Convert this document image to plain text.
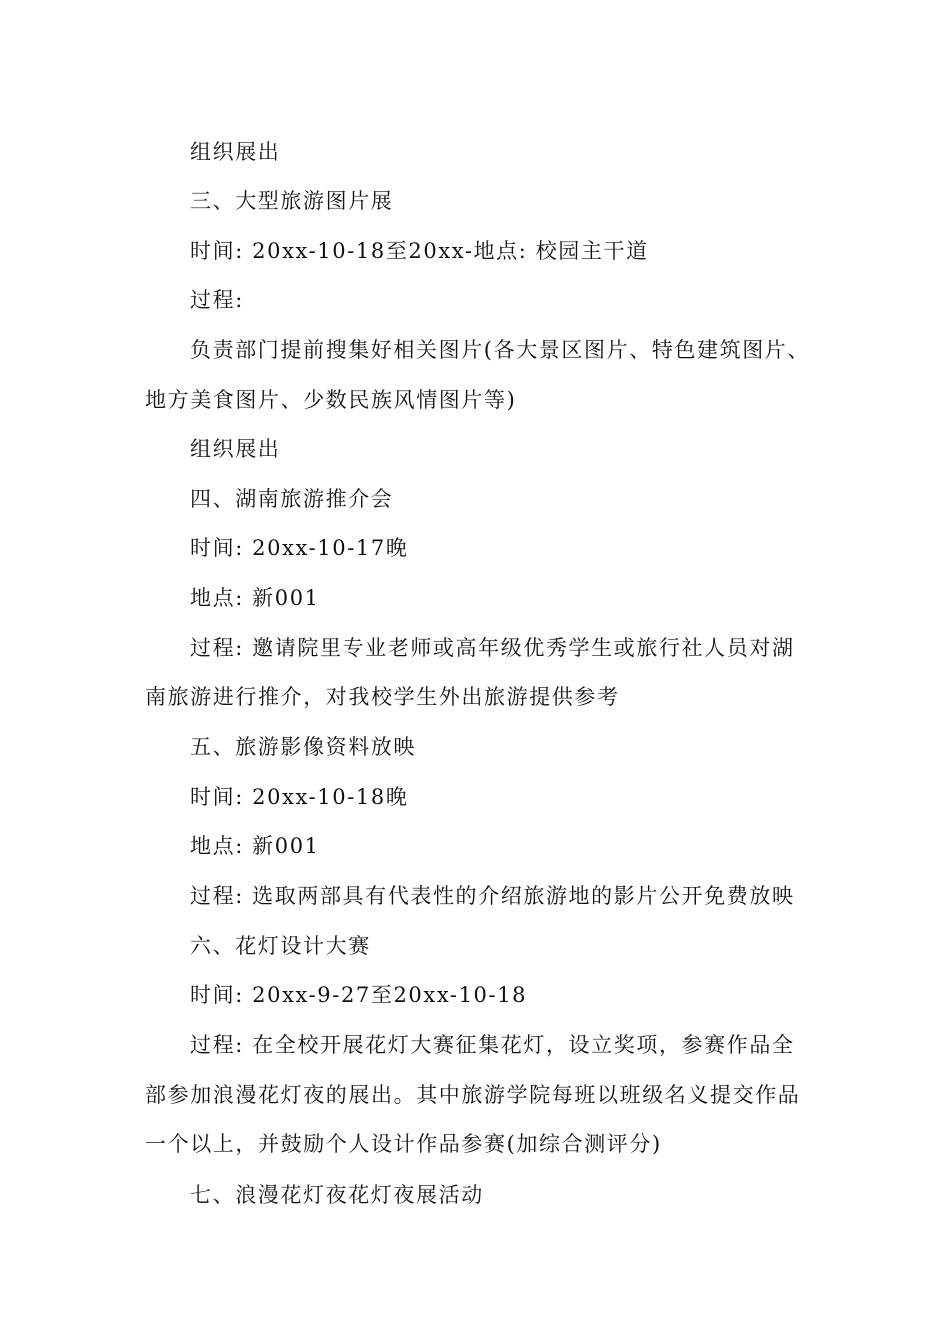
组织展出
三、大型旅游图片展
时间: 20xx-10-18至20xx-地点: 校园主干道
过程:
负责部门提前搜集好相关图片(各大景区图片、特色建筑图片、
地方美食图片、少数民族风情图片等)
组织展出
四、湖南旅游推介会
时间: 20xx-10-17晚
地点: 新001
过程: 邀请院里专业老师或高年级优秀学生或旅行社人员对湖
南旅游进行推介，对我校学生外出旅游提供参考
五、旅游影像资料放映
时间: 20xx-10-18晚
地点: 新001
过程: 选取两部具有代表性的介绍旅游地的影片公开免费放映
六、花灯设计大赛
时间: 20xx-9-27至20xx-10-18
过程: 在全校开展花灯大赛征集花灯，设立奖项，参赛作品全
部参加浪漫花灯夜的展出。其中旅游学院每班以班级名义提交作品
一个以上，并鼓励个人设计作品参赛(加综合测评分)
七、浪漫花灯夜花灯夜展活动
